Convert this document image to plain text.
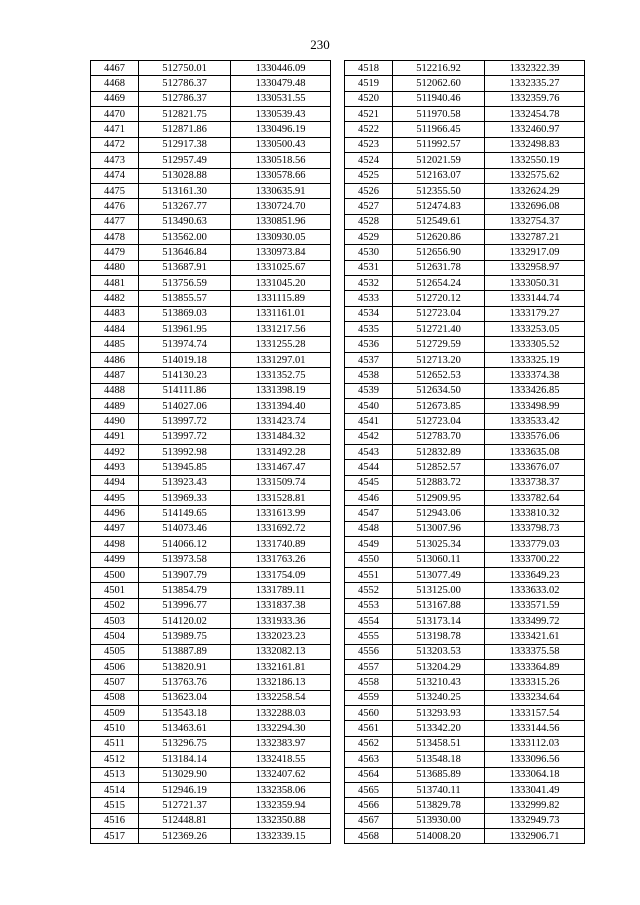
230
4467	512750.01	1330446.09
4468	512786.37	1330479.48
4469	512786.37	1330531.55
4470	512821.75	1330539.43
4471	512871.86	1330496.19
4472	512917.38	1330500.43
4473	512957.49	1330518.56
4474	513028.88	1330578.66
4475	513161.30	1330635.91
4476	513267.77	1330724.70
4477	513490.63	1330851.96
4478	513562.00	1330930.05
4479	513646.84	1330973.84
4480	513687.91	1331025.67
4481	513756.59	1331045.20
4482	513855.57	1331115.89
4483	513869.03	1331161.01
4484	513961.95	1331217.56
4485	513974.74	1331255.28
4486	514019.18	1331297.01
4487	514130.23	1331352.75
4488	514111.86	1331398.19
4489	514027.06	1331394.40
4490	513997.72	1331423.74
4491	513997.72	1331484.32
4492	513992.98	1331492.28
4493	513945.85	1331467.47
4494	513923.43	1331509.74
4495	513969.33	1331528.81
4496	514149.65	1331613.99
4497	514073.46	1331692.72
4498	514066.12	1331740.89
4499	513973.58	1331763.26
4500	513907.79	1331754.09
4501	513854.79	1331789.11
4502	513996.77	1331837.38
4503	514120.02	1331933.36
4504	513989.75	1332023.23
4505	513887.89	1332082.13
4506	513820.91	1332161.81
4507	513763.76	1332186.13
4508	513623.04	1332258.54
4509	513543.18	1332288.03
4510	513463.61	1332294.30
4511	513296.75	1332383.97
4512	513184.14	1332418.55
4513	513029.90	1332407.62
4514	512946.19	1332358.06
4515	512721.37	1332359.94
4516	512448.81	1332350.88
4517	512369.26	1332339.15
4518	512216.92	1332322.39
4519	512062.60	1332335.27
4520	511940.46	1332359.76
4521	511970.58	1332454.78
4522	511966.45	1332460.97
4523	511992.57	1332498.83
4524	512021.59	1332550.19
4525	512163.07	1332575.62
4526	512355.50	1332624.29
4527	512474.83	1332696.08
4528	512549.61	1332754.37
4529	512620.86	1332787.21
4530	512656.90	1332917.09
4531	512631.78	1332958.97
4532	512654.24	1333050.31
4533	512720.12	1333144.74
4534	512723.04	1333179.27
4535	512721.40	1333253.05
4536	512729.59	1333305.52
4537	512713.20	1333325.19
4538	512652.53	1333374.38
4539	512634.50	1333426.85
4540	512673.85	1333498.99
4541	512723.04	1333533.42
4542	512783.70	1333576.06
4543	512832.89	1333635.08
4544	512852.57	1333676.07
4545	512883.72	1333738.37
4546	512909.95	1333782.64
4547	512943.06	1333810.32
4548	513007.96	1333798.73
4549	513025.34	1333779.03
4550	513060.11	1333700.22
4551	513077.49	1333649.23
4552	513125.00	1333633.02
4553	513167.88	1333571.59
4554	513173.14	1333499.72
4555	513198.78	1333421.61
4556	513203.53	1333375.58
4557	513204.29	1333364.89
4558	513210.43	1333315.26
4559	513240.25	1333234.64
4560	513293.93	1333157.54
4561	513342.20	1333144.56
4562	513458.51	1333112.03
4563	513548.18	1333096.56
4564	513685.89	1333064.18
4565	513740.11	1333041.49
4566	513829.78	1332999.82
4567	513930.00	1332949.73
4568	514008.20	1332906.71
